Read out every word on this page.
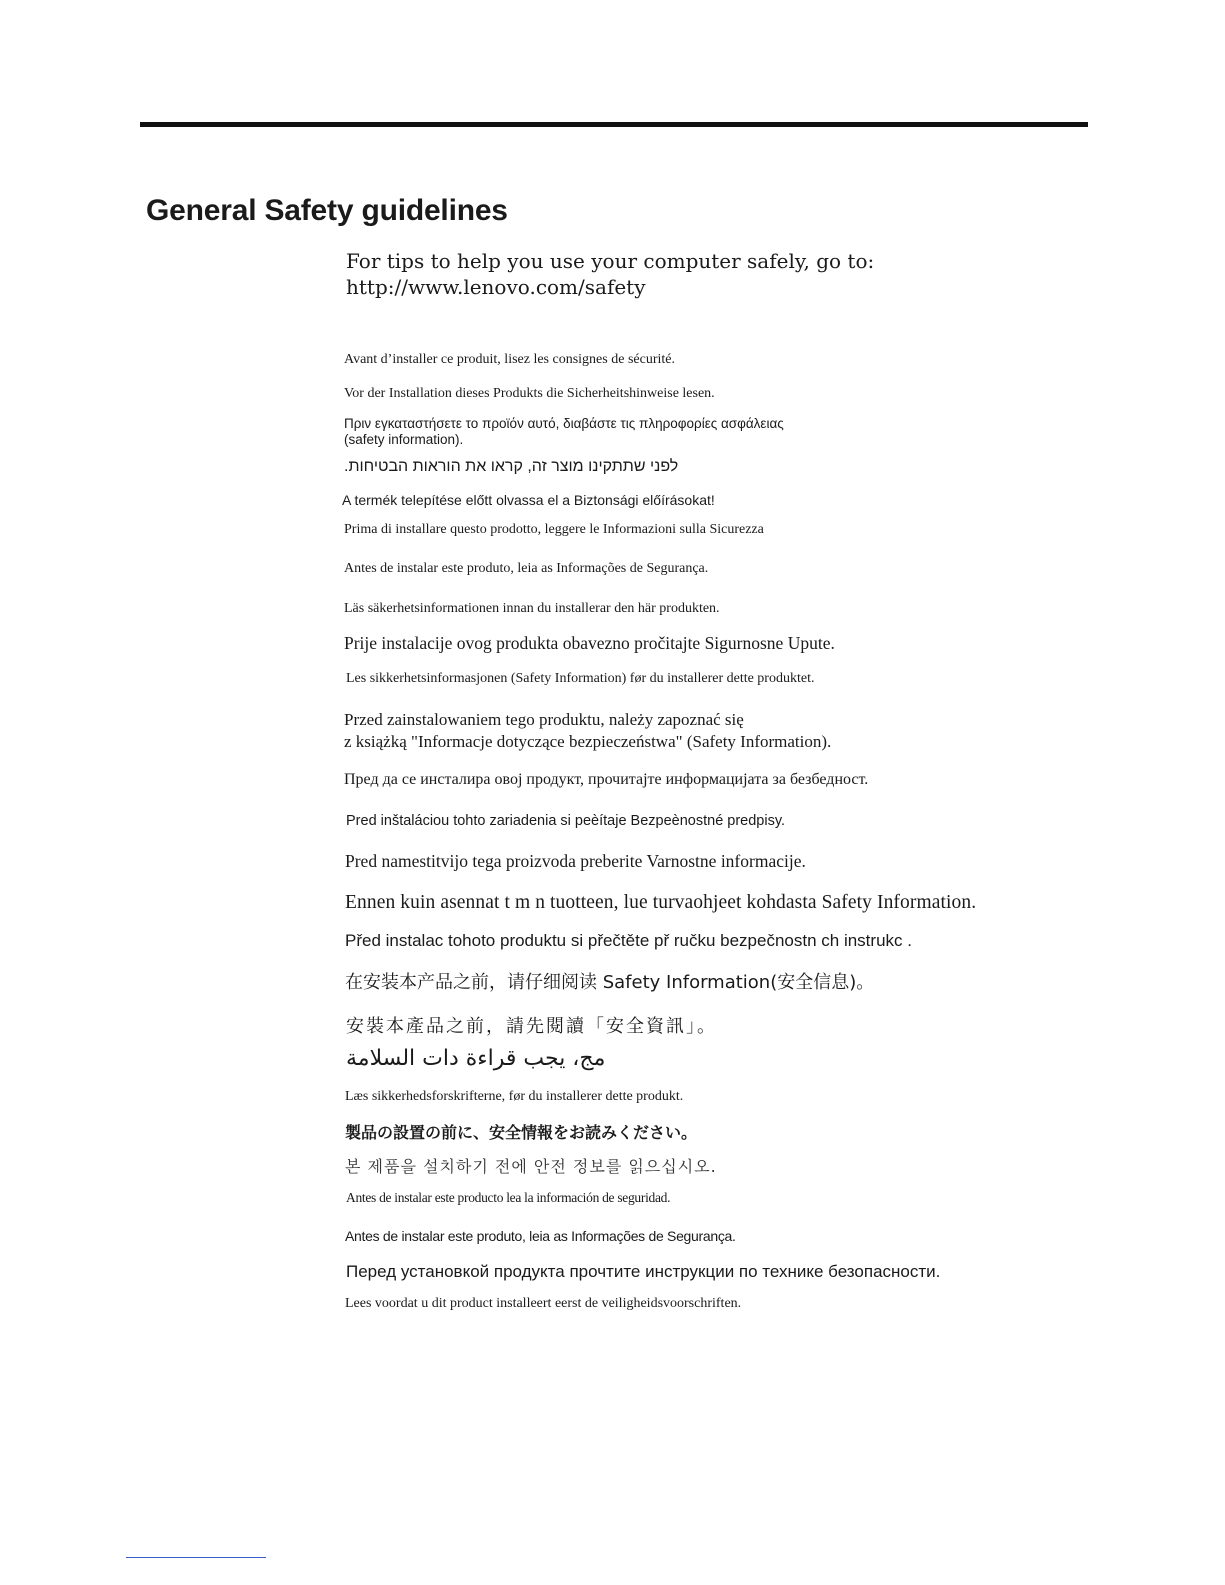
General Safety guidelines
For tips to help you use your computer safely, go to:
http://www.lenovo.com/safety
Avant d’installer ce produit, lisez les consignes de sécurité.
Vor der Installation dieses Produkts die Sicherheitshinweise lesen.
Πριν εγκαταστήσετε το προϊόν αυτό, διαβάστε τις πληροφορίες ασφάλειας
(safety information).
לפני שתתקינו מוצר זה, קראו את הוראות הבטיחות.
A termék telepítése előtt olvassa el a Biztonsági előírásokat!
Prima di installare questo prodotto, leggere le Informazioni sulla Sicurezza
Antes de instalar este produto, leia as Informações de Segurança.
Läs säkerhetsinformationen innan du installerar den här produkten.
Prije instalacije ovog produkta obavezno pročitajte Sigurnosne Upute.
Les sikkerhetsinformasjonen (Safety Information) før du installerer dette produktet.
Przed zainstalowaniem tego produktu, należy zapoznać się
z książką "Informacje dotyczące bezpieczeństwa" (Safety Information).
Пред да се инсталира овој продукт, прочитајте информацијата за безбедност.
Pred inštaláciou tohto zariadenia si peèítaje Bezpeènostné predpisy.
Pred namestitvijo tega proizvoda preberite Varnostne informacije.
Ennen kuin asennat t m n tuotteen, lue turvaohjeet kohdasta Safety Information.
Před instalac tohoto produktu si přečtěte př ručku bezpečnostn ch instrukc .
在安装本产品之前，请仔细阅读 Safety Information(安全信息)。
安裝本產品之前，請先閱讀「安全資訊」。
مج، يجب قراءة دات السلامة
Læs sikkerhedsforskrifterne, før du installerer dette produkt.
製品の設置の前に、安全情報をお読みください。
본 제품을 설치하기 전에 안전 정보를 읽으십시오.
Antes de instalar este producto lea la información de seguridad.
Antes de instalar este produto, leia as Informações de Segurança.
Перед установкой продукта прочтите инструкции по технике безопасности.
Lees voordat u dit product installeert eerst de veiligheidsvoorschriften.
